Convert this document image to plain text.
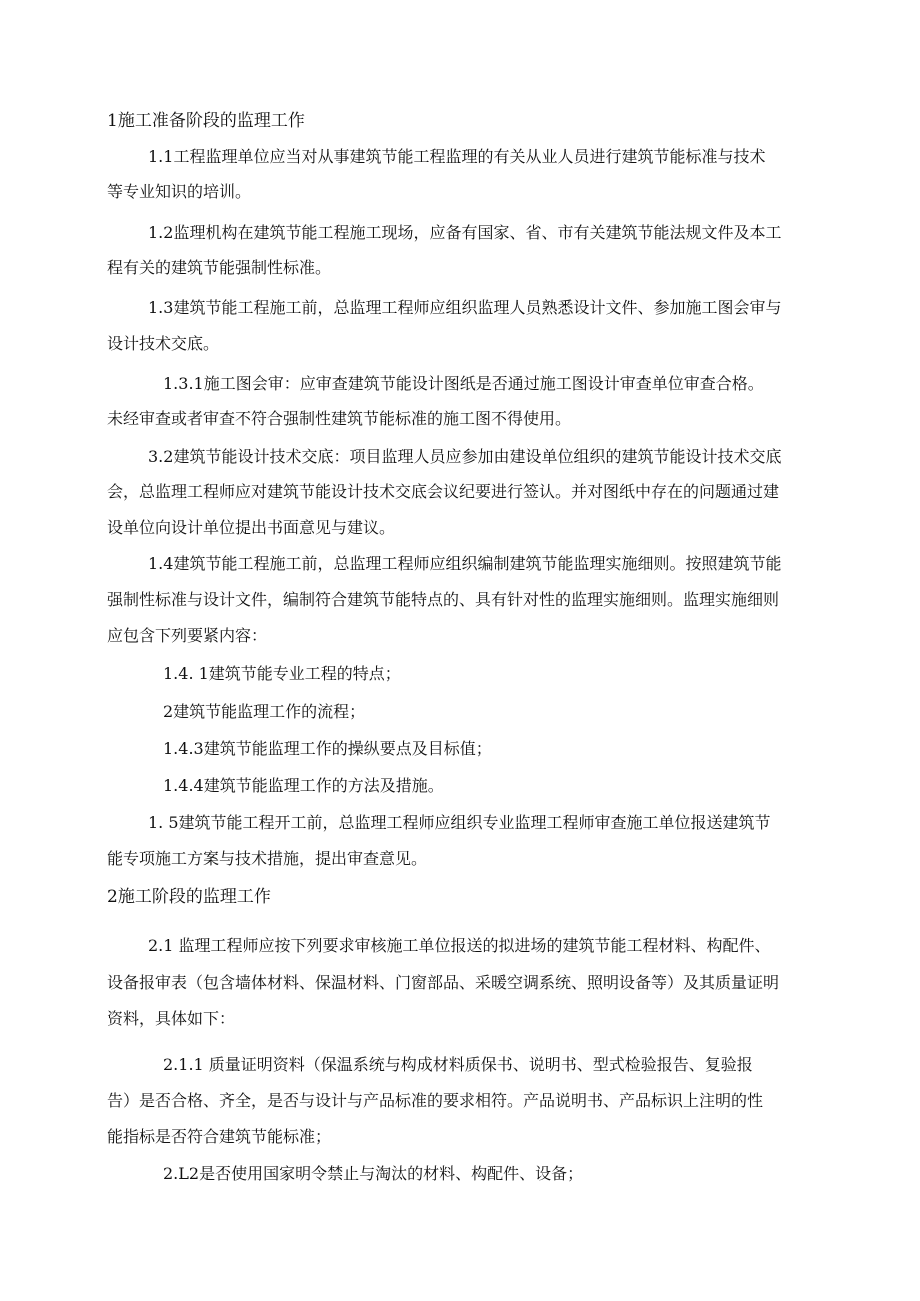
1施工准备阶段的监理工作
1.1工程监理单位应当对从事建筑节能工程监理的有关从业人员进行建筑节能标准与技术
等专业知识的培训。
1.2监理机构在建筑节能工程施工现场，应备有国家、省、市有关建筑节能法规文件及本工
程有关的建筑节能强制性标准。
1.3建筑节能工程施工前，总监理工程师应组织监理人员熟悉设计文件、参加施工图会审与
设计技术交底。
1.3.1施工图会审：应审查建筑节能设计图纸是否通过施工图设计审查单位审查合格。
未经审查或者审查不符合强制性建筑节能标准的施工图不得使用。
3.2建筑节能设计技术交底：项目监理人员应参加由建设单位组织的建筑节能设计技术交底
会，总监理工程师应对建筑节能设计技术交底会议纪要进行签认。并对图纸中存在的问题通过建
设单位向设计单位提出书面意见与建议。
1.4建筑节能工程施工前，总监理工程师应组织编制建筑节能监理实施细则。按照建筑节能
强制性标准与设计文件，编制符合建筑节能特点的、具有针对性的监理实施细则。监理实施细则
应包含下列要紧内容：
1.4. 1建筑节能专业工程的特点；
2建筑节能监理工作的流程；
1.4.3建筑节能监理工作的操纵要点及目标值；
1.4.4建筑节能监理工作的方法及措施。
1. 5建筑节能工程开工前，总监理工程师应组织专业监理工程师审查施工单位报送建筑节
能专项施工方案与技术措施，提出审查意见。
2施工阶段的监理工作
2.1 监理工程师应按下列要求审核施工单位报送的拟进场的建筑节能工程材料、构配件、
设备报审表（包含墙体材料、保温材料、门窗部品、采暖空调系统、照明设备等）及其质量证明
资料，具体如下：
2.1.1 质量证明资料（保温系统与构成材料质保书、说明书、型式检验报告、复验报
告）是否合格、齐全，是否与设计与产品标准的要求相符。产品说明书、产品标识上注明的性
能指标是否符合建筑节能标准；
2.L2是否使用国家明令禁止与淘汰的材料、构配件、设备；
